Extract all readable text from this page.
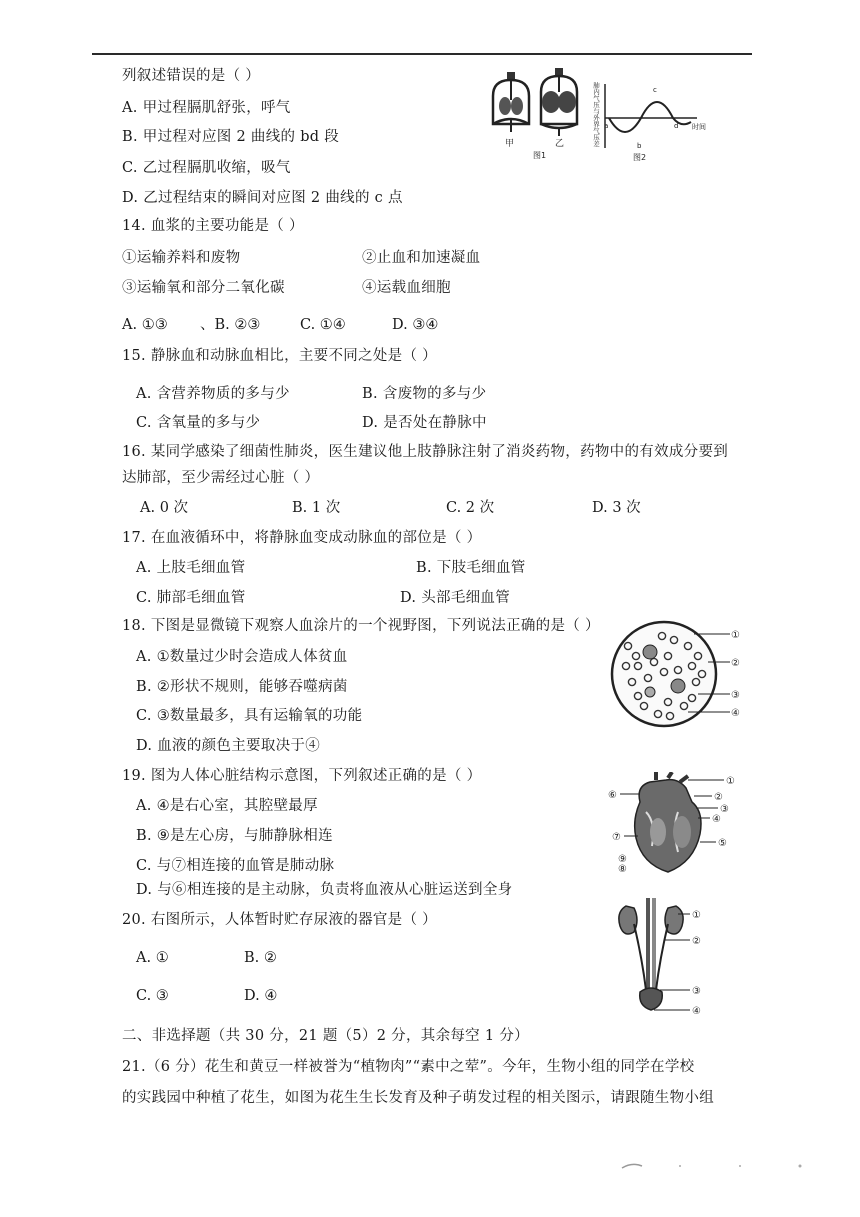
列叙述错误的是（ ）
A. 甲过程膈肌舒张，呼气
B. 甲过程对应图 2 曲线的 bd 段
C. 乙过程膈肌收缩，吸气
D. 乙过程结束的瞬间对应图 2 曲线的 c 点
甲	乙
图1
时间
a
b
c
d
图2
肺内气压与外界气压差
14. 血浆的主要功能是（ ）
①运输养料和废物	②止血和加速凝血
③运输氧和部分二氧化碳	④运载血细胞
A. ①③ 、B. ②③	C. ①④	D. ③④
15. 静脉血和动脉血相比，主要不同之处是（ ）
A. 含营养物质的多与少	B. 含废物的多与少
C. 含氧量的多与少	D. 是否处在静脉中
16. 某同学感染了细菌性肺炎，医生建议他上肢静脉注射了消炎药物，药物中的有效成分要到
达肺部，至少需经过心脏（ ）
A. 0 次	B. 1 次	C. 2 次	D. 3 次
17. 在血液循环中，将静脉血变成动脉血的部位是（ ）
A. 上肢毛细血管	B. 下肢毛细血管
C. 肺部毛细血管	D. 头部毛细血管
18. 下图是显微镜下观察人血涂片的一个视野图，下列说法正确的是（ ）
A. ①数量过少时会造成人体贫血
B. ②形状不规则，能够吞噬病菌
C. ③数量最多，具有运输氧的功能
D. 血液的颜色主要取决于④
①
②
③
④
19. 图为人体心脏结构示意图，下列叙述正确的是（ ）
A. ④是右心室，其腔壁最厚
B. ⑨是左心房，与肺静脉相连
C. 与⑦相连接的血管是肺动脉
D. 与⑥相连接的是主动脉，负责将血液从心脏运送到全身
①
②
③
④
⑤
⑥
⑦
⑧
⑨
20. 右图所示，人体暂时贮存尿液的器官是（ ）
A. ①	B. ②
C. ③	D. ④
①
②
③
④
二、非选择题（共 30 分，21 题（5）2 分，其余每空 1 分）
21.（6 分）花生和黄豆一样被誉为“植物肉”“素中之荤”。今年，生物小组的同学在学校
的实践园中种植了花生，如图为花生生长发育及种子萌发过程的相关图示，请跟随生物小组
